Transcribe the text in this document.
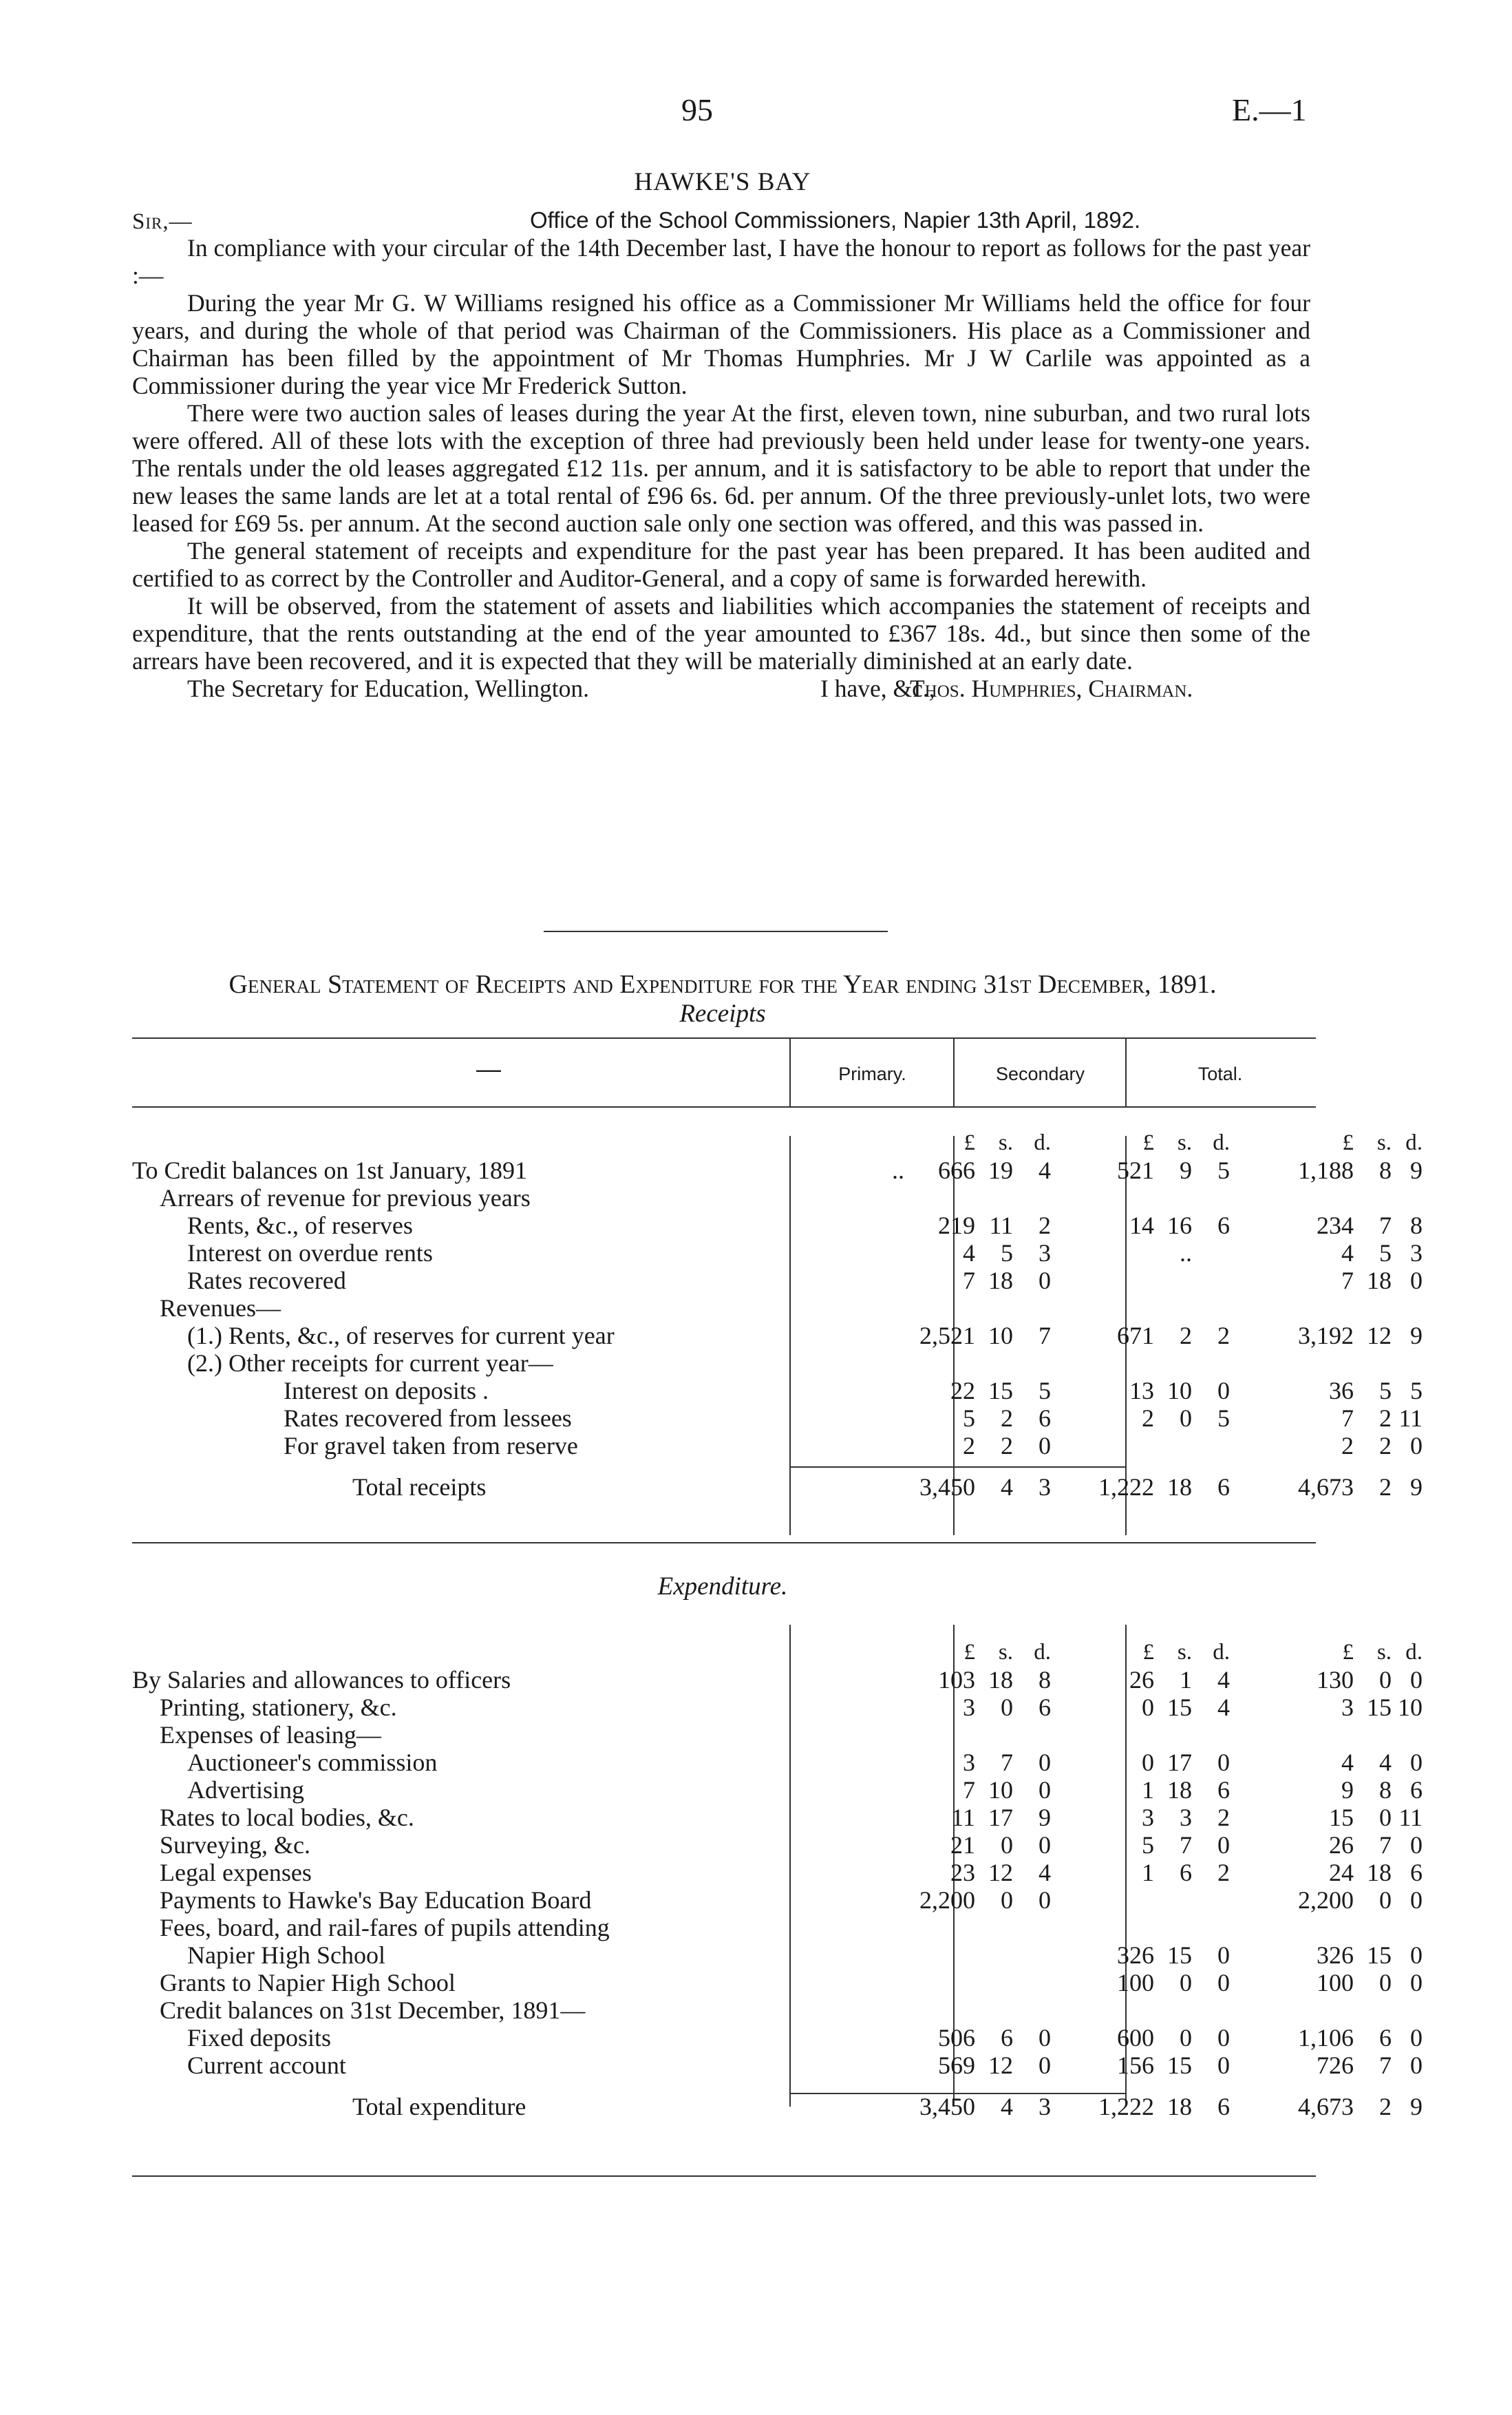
95	E.—1
HAWKE'S BAY
Sir,—	Office of the School Commissioners, Napier 13th April, 1892.

In compliance with your circular of the 14th December last, I have the honour to report as follows for the past year :—

During the year Mr G. W Williams resigned his office as a Commissioner Mr Williams held the office for four years, and during the whole of that period was Chairman of the Commissioners. His place as a Commissioner and Chairman has been filled by the appointment of Mr Thomas Humphries. Mr J W Carlile was appointed as a Commissioner during the year vice Mr Frederick Sutton.

There were two auction sales of leases during the year At the first, eleven town, nine suburban, and two rural lots were offered. All of these lots with the exception of three had previously been held under lease for twenty-one years. The rentals under the old leases aggregated £12 11s. per annum, and it is satisfactory to be able to report that under the new leases the same lands are let at a total rental of £96 6s. 6d. per annum. Of the three previously-unlet lots, two were leased for £69 5s. per annum. At the second auction sale only one section was offered, and this was passed in.

The general statement of receipts and expenditure for the past year has been prepared. It has been audited and certified to as correct by the Controller and Auditor-General, and a copy of same is forwarded herewith.

It will be observed, from the statement of assets and liabilities which accompanies the statement of receipts and expenditure, that the rents outstanding at the end of the year amounted to £367 18s. 4d., but since then some of the arrears have been recovered, and it is expected that they will be materially diminished at an early date.

The Secretary for Education, Wellington.	I have, &c.,
Thos. Humphries, Chairman.
General Statement of Receipts and Expenditure for the Year ending 31st December, 1891.
Receipts
—	Primary.	Secondary	Total.
	£	s.	d.		£	s.	d.		£	s.	d.
To Credit balances on 1st January, 1891 ..	666	19	4		521	9	5		1,188	8	9
Arrears of revenue for previous years											
Rents, &c., of reserves	219	11	2		14	16	6		234	7	8
Interest on overdue rents	4	5	3			..			4	5	3
Rates recovered	7	18	0						7	18	0
Revenues—											
(1.) Rents, &c., of reserves for current year	2,521	10	7		671	2	2		3,192	12	9
(2.) Other receipts for current year—											
Interest on deposits .	22	15	5		13	10	0		36	5	5
Rates recovered from lessees	5	2	6		2	0	5		7	2	11
For gravel taken from reserve	2	2	0						2	2	0

Total receipts	3,450	4	3		1,222	18	6		4,673	2	9
Expenditure.
	£	s.	d.		£	s.	d.		£	s.	d.
By Salaries and allowances to officers	103	18	8		26	1	4		130	0	0
Printing, stationery, &c.	3	0	6		0	15	4		3	15	10
Expenses of leasing—											
Auctioneer's commission	3	7	0		0	17	0		4	4	0
Advertising	7	10	0		1	18	6		9	8	6
Rates to local bodies, &c.	11	17	9		3	3	2		15	0	11
Surveying, &c.	21	0	0		5	7	0		26	7	0
Legal expenses	23	12	4		1	6	2		24	18	6
Payments to Hawke's Bay Education Board	2,200	0	0						2,200	0	0
Fees, board, and rail-fares of pupils attending											
Napier High School					326	15	0		326	15	0
Grants to Napier High School					100	0	0		100	0	0
Credit balances on 31st December, 1891—											
Fixed deposits	506	6	0		600	0	0		1,106	6	0
Current account	569	12	0		156	15	0		726	7	0

Total expenditure	3,450	4	3		1,222	18	6		4,673	2	9
